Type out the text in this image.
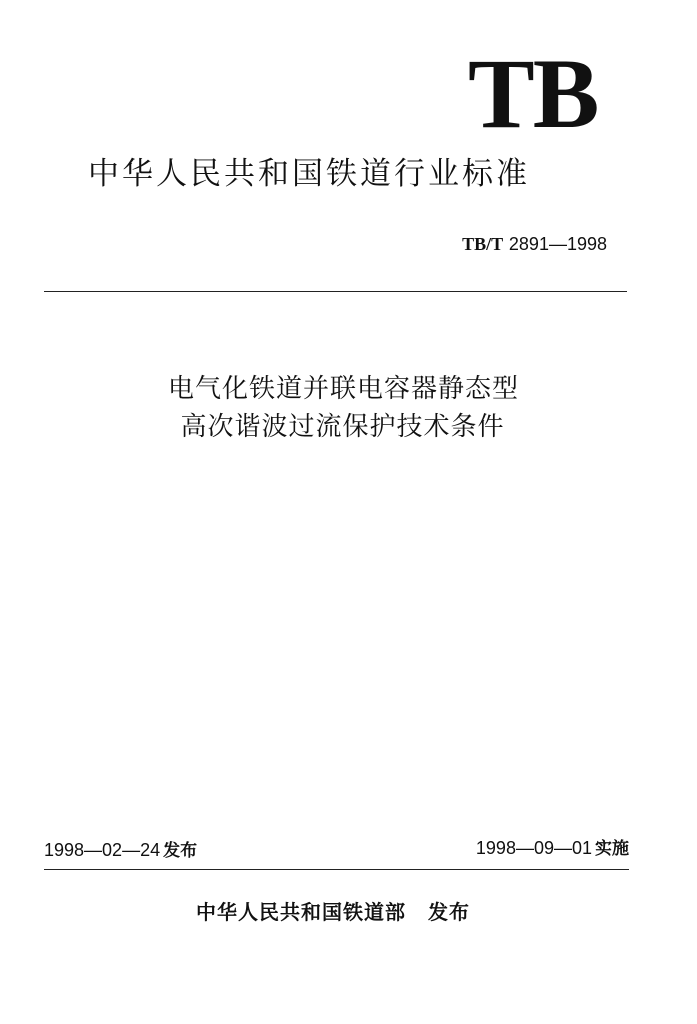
TB
中华人民共和国铁道行业标准
TB/T 2891—1998
电气化铁道并联电容器静态型
高次谐波过流保护技术条件
1998—02—24 发布	1998—09—01 实施
中华人民共和国铁道部 发布
